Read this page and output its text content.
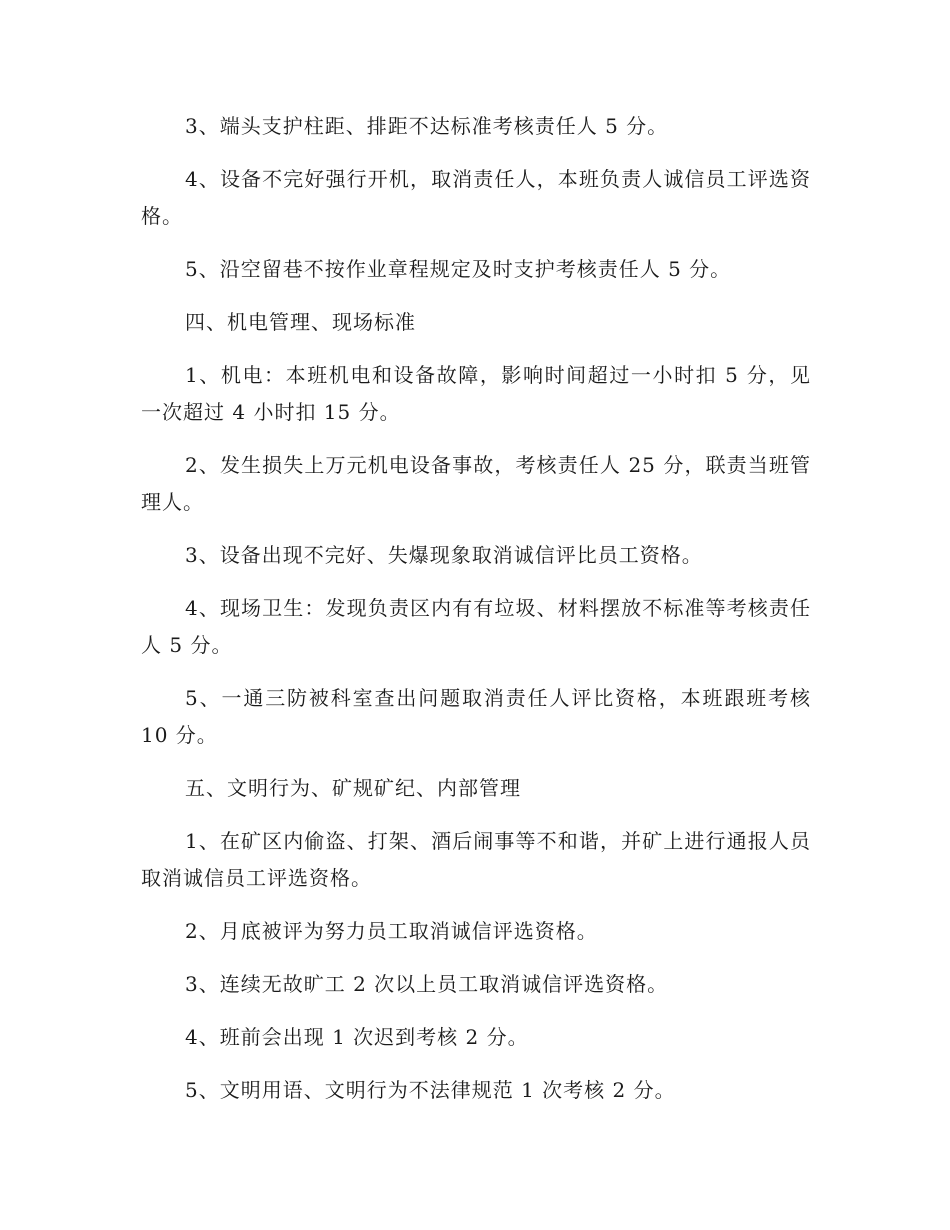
3、端头支护柱距、排距不达标准考核责任人 5 分。

4、设备不完好强行开机，取消责任人，本班负责人诚信员工评选资格。

5、沿空留巷不按作业章程规定及时支护考核责任人 5 分。

四、机电管理、现场标准

1、机电：本班机电和设备故障，影响时间超过一小时扣 5 分，见一次超过 4 小时扣 15 分。

2、发生损失上万元机电设备事故，考核责任人 25 分，联责当班管理人。

3、设备出现不完好、失爆现象取消诚信评比员工资格。

4、现场卫生：发现负责区内有有垃圾、材料摆放不标准等考核责任人 5 分。

5、一通三防被科室查出问题取消责任人评比资格，本班跟班考核 10 分。

五、文明行为、矿规矿纪、内部管理

1、在矿区内偷盗、打架、酒后闹事等不和谐，并矿上进行通报人员取消诚信员工评选资格。

2、月底被评为努力员工取消诚信评选资格。

3、连续无故旷工 2 次以上员工取消诚信评选资格。

4、班前会出现 1 次迟到考核 2 分。

5、文明用语、文明行为不法律规范 1 次考核 2 分。
